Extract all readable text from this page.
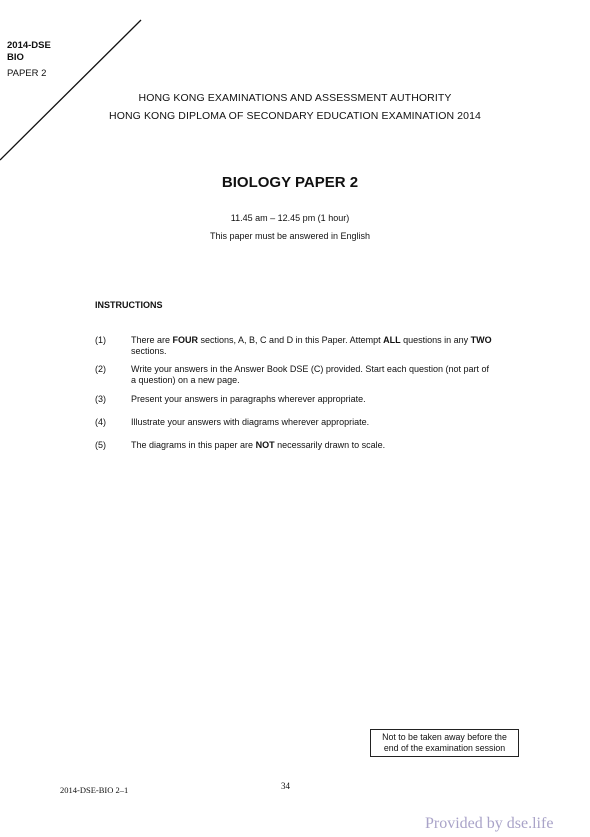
2014-DSE
BIO
PAPER 2
HONG KONG EXAMINATIONS AND ASSESSMENT AUTHORITY
HONG KONG DIPLOMA OF SECONDARY EDUCATION EXAMINATION 2014
BIOLOGY PAPER 2
11.45 am – 12.45 pm (1 hour)
This paper must be answered in English
INSTRUCTIONS
(1)	There are FOUR sections, A, B, C and D in this Paper. Attempt ALL questions in any TWO sections.
(2)	Write your answers in the Answer Book DSE (C) provided. Start each question (not part of a question) on a new page.
(3)	Present your answers in paragraphs wherever appropriate.
(4)	Illustrate your answers with diagrams wherever appropriate.
(5)	The diagrams in this paper are NOT necessarily drawn to scale.
Not to be taken away before the
end of the examination session
2014-DSE-BIO 2–1	34
Provided by dse.life
